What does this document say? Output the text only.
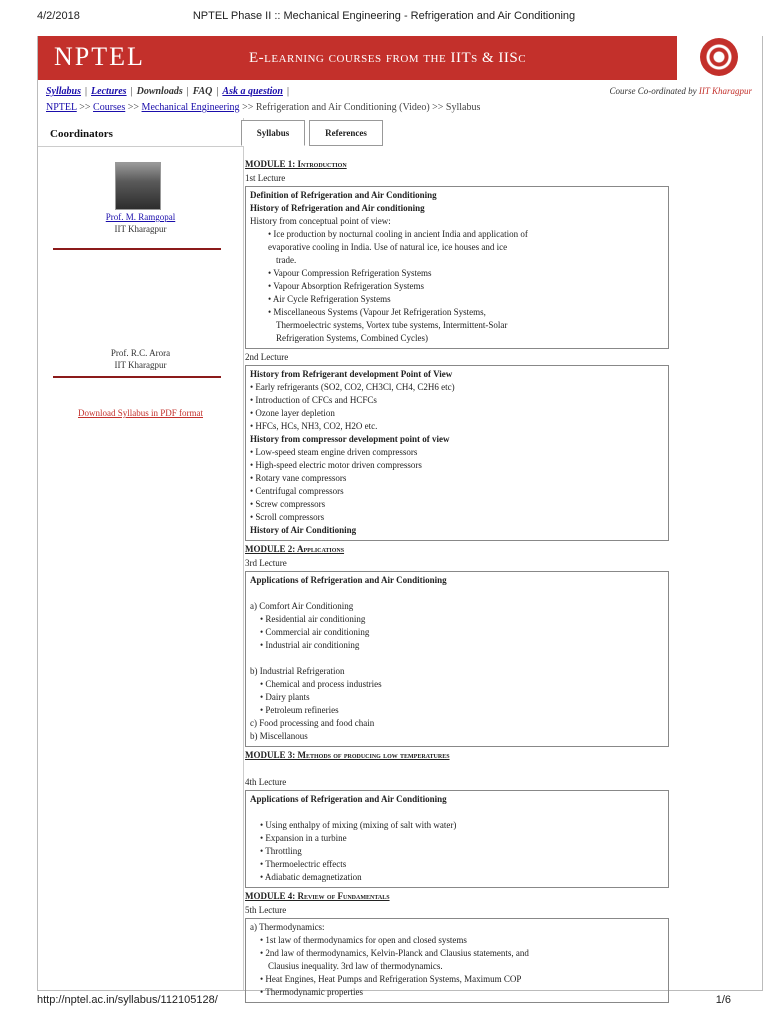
4/2/2018	NPTEL Phase II :: Mechanical Engineering - Refrigeration and Air Conditioning
NPTEL	E-learning courses from the IITs & IISc
Syllabus | Lectures | Downloads | FAQ | Ask a question |	Course Co-ordinated by IIT Kharagpur
NPTEL >> Courses >> Mechanical Engineering >> Refrigeration and Air Conditioning (Video) >> Syllabus
Coordinators
Prof. M. Ramgopal
IIT Kharagpur
Prof. R.C. Arora
IIT Kharagpur
Download Syllabus in PDF format
Syllabus	References
MODULE 1: Introduction
1st Lecture
Definition of Refrigeration and Air Conditioning
History of Refrigeration and Air conditioning
History from conceptual point of view:
• Ice production by nocturnal cooling in ancient India and application of
evaporative cooling in India. Use of natural ice, ice houses and ice
trade.
• Vapour Compression Refrigeration Systems
• Vapour Absorption Refrigeration Systems
• Air Cycle Refrigeration Systems
• Miscellaneous Systems (Vapour Jet Refrigeration Systems,
Thermoelectric systems, Vortex tube systems, Intermittent-Solar
Refrigeration Systems, Combined Cycles)
2nd Lecture
History from Refrigerant development Point of View
• Early refrigerants (SO2, CO2, CH3Cl, CH4, C2H6 etc)
• Introduction of CFCs and HCFCs
• Ozone layer depletion
• HFCs, HCs, NH3, CO2, H2O etc.
History from compressor development point of view
• Low-speed steam engine driven compressors
• High-speed electric motor driven compressors
• Rotary vane compressors
• Centrifugal compressors
• Screw compressors
• Scroll compressors
History of Air Conditioning
MODULE 2: Applications
3rd Lecture
Applications of Refrigeration and Air Conditioning
a) Comfort Air Conditioning
• Residential air conditioning
• Commercial air conditioning
• Industrial air conditioning
b) Industrial Refrigeration
• Chemical and process industries
• Dairy plants
• Petroleum refineries
c) Food processing and food chain
b) Miscellanous
MODULE 3: Methods of producing low temperatures
4th Lecture
Applications of Refrigeration and Air Conditioning
• Using enthalpy of mixing (mixing of salt with water)
• Expansion in a turbine
• Throttling
• Thermoelectric effects
• Adiabatic demagnetization
MODULE 4: Review of Fundamentals
5th Lecture
a) Thermodynamics:
• 1st law of thermodynamics for open and closed systems
• 2nd law of thermodynamics, Kelvin-Planck and Clausius statements, and
Clausius inequality. 3rd law of thermodynamics.
• Heat Engines, Heat Pumps and Refrigeration Systems, Maximum COP
• Thermodynamic properties
http://nptel.ac.in/syllabus/112105128/	1/6
